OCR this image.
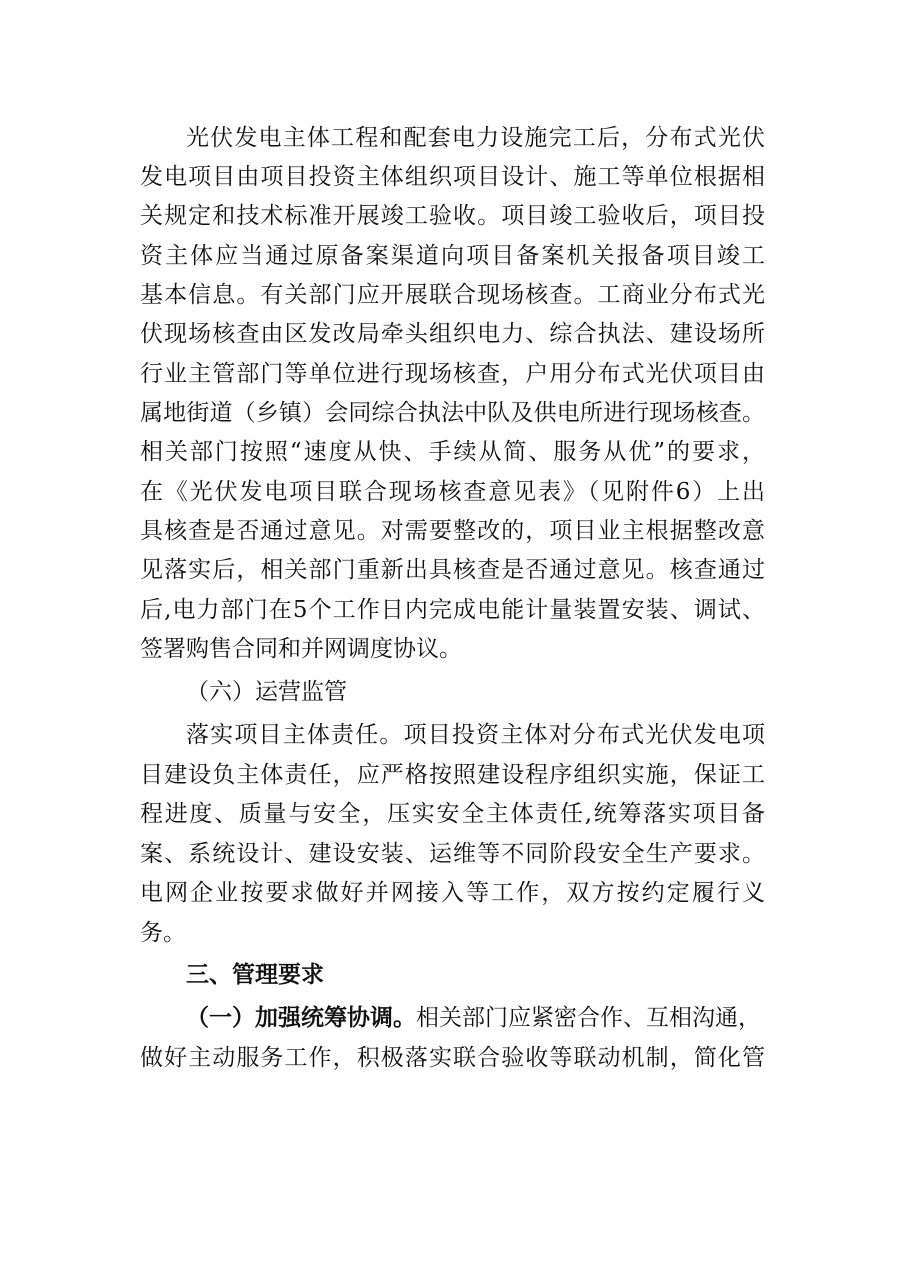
光伏发电主体工程和配套电力设施完工后，分布式光伏
发电项目由项目投资主体组织项目设计、施工等单位根据相
关规定和技术标准开展竣工验收。项目竣工验收后，项目投
资主体应当通过原备案渠道向项目备案机关报备项目竣工
基本信息。有关部门应开展联合现场核查。工商业分布式光
伏现场核查由区发改局牵头组织电力、综合执法、建设场所
行业主管部门等单位进行现场核查，户用分布式光伏项目由
属地街道（乡镇）会同综合执法中队及供电所进行现场核查。
相关部门按照“速度从快、手续从简、服务从优”的要求，
在《光伏发电项目联合现场核查意见表》（见附件6）上出
具核查是否通过意见。对需要整改的，项目业主根据整改意
见落实后，相关部门重新出具核查是否通过意见。核查通过
后,电力部门在5个工作日内完成电能计量装置安装、调试、
签署购售合同和并网调度协议。
（六）运营监管
落实项目主体责任。项目投资主体对分布式光伏发电项
目建设负主体责任，应严格按照建设程序组织实施，保证工
程进度、质量与安全，压实安全主体责任,统筹落实项目备
案、系统设计、建设安装、运维等不同阶段安全生产要求。
电网企业按要求做好并网接入等工作，双方按约定履行义
务。
三、管理要求
（一）加强统筹协调。相关部门应紧密合作、互相沟通，
做好主动服务工作，积极落实联合验收等联动机制，简化管
